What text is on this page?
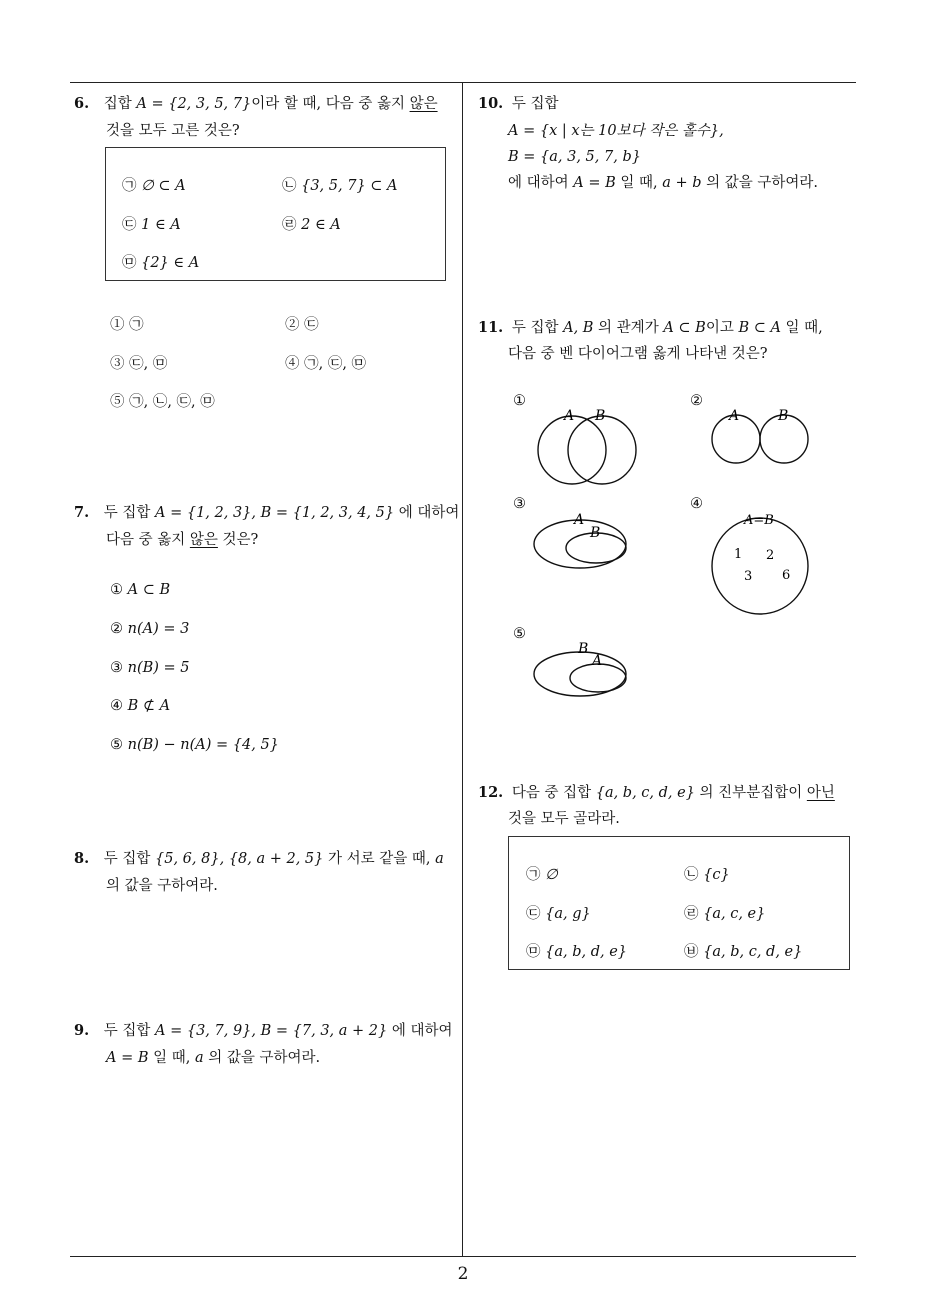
2
6. 집합 A = {2, 3, 5, 7}이라 할 때, 다음 중 옳지 않은
것을 모두 고른 것은?
㉠ ∅ ⊂ A	㉡ {3, 5, 7} ⊂ A
㉢ 1 ∈ A	㉣ 2 ∈ A
㉤ {2} ∈ A
① ㉠	② ㉢
③ ㉢, ㉤	④ ㉠, ㉢, ㉤
⑤ ㉠, ㉡, ㉢, ㉤
7. 두 집합 A = {1, 2, 3}, B = {1, 2, 3, 4, 5} 에 대하여
다음 중 옳지 않은 것은?
① A ⊂ B
② n(A) = 3
③ n(B) = 5
④ B ⊄ A
⑤ n(B) − n(A) = {4, 5}
8. 두 집합 {5, 6, 8}, {8, a + 2, 5} 가 서로 같을 때, a
의 값을 구하여라.
9. 두 집합 A = {3, 7, 9}, B = {7, 3, a + 2} 에 대하여
A = B 일 때, a 의 값을 구하여라.
10. 두 집합
A = {x | x는 10보다 작은 홀수},
B = {a, 3, 5, 7, b}
에 대하여 A = B 일 때, a + b 의 값을 구하여라.
11. 두 집합 A, B 의 관계가 A ⊂ B이고 B ⊂ A 일 때,
다음 중 벤 다이어그램 옳게 나타낸 것은?
①
A B
②
A	B
③
A
B
④
A=B
1 2
3 6
⑤
B
A
12. 다음 중 집합 {a, b, c, d, e} 의 진부분집합이 아닌
것을 모두 골라라.
㉠ ∅	㉡ {c}
㉢ {a, g}	㉣ {a, c, e}
㉤ {a, b, d, e}	㉥ {a, b, c, d, e}
